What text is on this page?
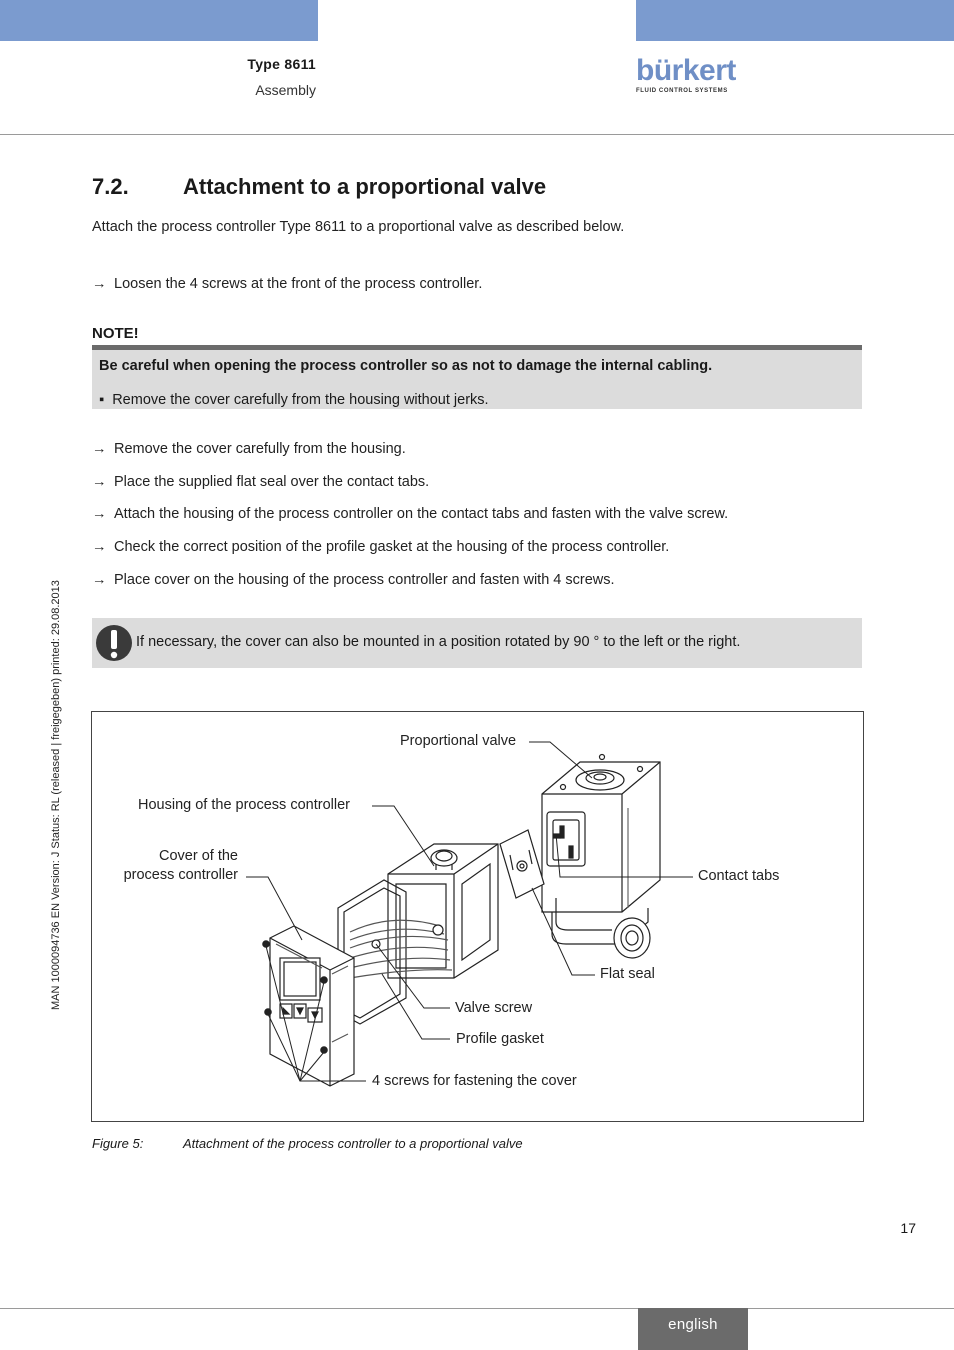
Type 8611
Assembly
bürkert
FLUID CONTROL SYSTEMS
MAN 1000094736 EN Version: J Status: RL (released | freigegeben) printed: 29.08.2013
7.2. Attachment to a proportional valve
Attach the process controller Type 8611 to a proportional valve as described below.
→ Loosen the 4 screws at the front of the process controller.
NOTE!
Be careful when opening the process controller so as not to damage the internal cabling.
▪ Remove the cover carefully from the housing without jerks.
→ Remove the cover carefully from the housing.
→ Place the supplied flat seal over the contact tabs.
→ Attach the housing of the process controller on the contact tabs and fasten with the valve screw.
→ Check the correct position of the profile gasket at the housing of the process controller.
→ Place cover on the housing of the process controller and fasten with 4 screws.
If necessary, the cover can also be mounted in a position rotated by 90 ° to the left or the right.
Proportional valve
Housing of the process controller
Cover of the
process controller	Contact tabs
Flat seal
Valve screw
Profile gasket
4 screws for fastening the cover
Figure 5:	Attachment of the process controller to a proportional valve
17
english
